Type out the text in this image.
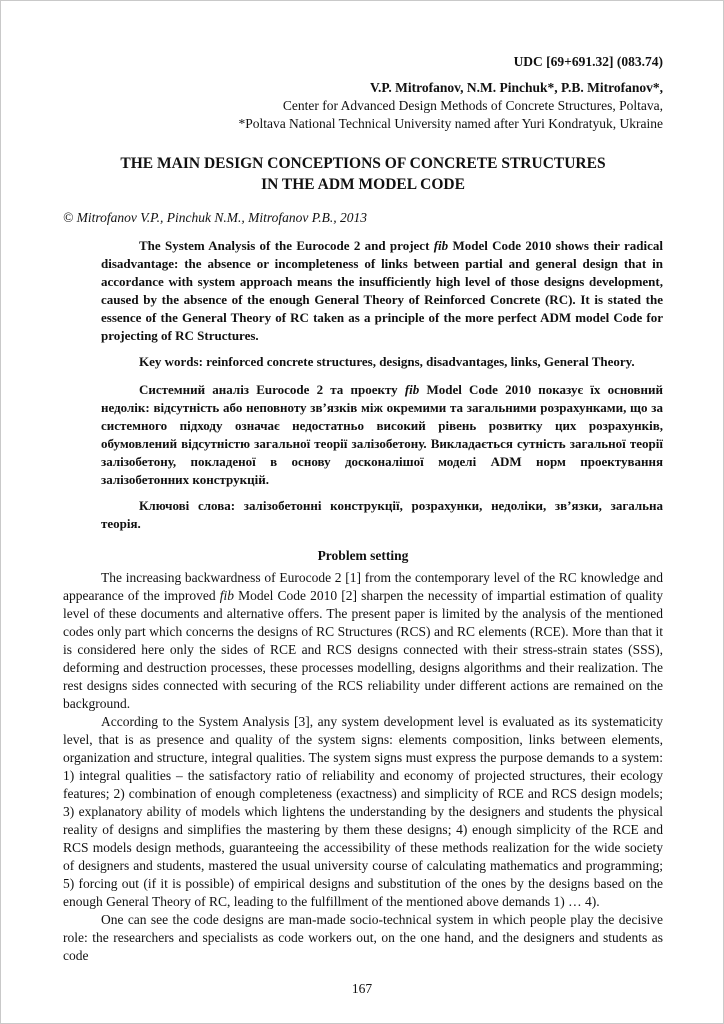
UDC [69+691.32] (083.74)
V.P. Mitrofanov, N.M. Pinchuk*, P.B. Mitrofanov*,
Center for Advanced Design Methods of Concrete Structures, Poltava,
*Poltava National Technical University named after Yuri Kondratyuk, Ukraine
THE MAIN DESIGN CONCEPTIONS OF CONCRETE STRUCTURES
IN THE ADM MODEL CODE
© Mitrofanov V.P., Pinchuk N.M., Mitrofanov P.B., 2013

The System Analysis of the Eurocode 2 and project fib Model Code 2010 shows their radical disadvantage: the absence or incompleteness of links between partial and general design that in accordance with system approach means the insufficiently high level of those designs development, caused by the absence of the enough General Theory of Reinforced Concrete (RC). It is stated the essence of the General Theory of RC taken as a principle of the more perfect ADM model Code for projecting of RC Structures.

Key words: reinforced concrete structures, designs, disadvantages, links, General Theory.

Системний аналіз Eurocode 2 та проекту fib Model Code 2010 показує їх основний недолік: відсутність або неповноту зв’язків між окремими та загальними розрахунками, що за системного підходу означає недостатньо високий рівень розвитку цих розрахунків, обумовлений відсутністю загальної теорії залізобетону. Викладається сутність загальної теорії залізобетону, покладеної в основу досконалішої моделі ADM норм проектування залізобетонних конструкцій.

Ключові слова: залізобетонні конструкції, розрахунки, недоліки, зв’язки, загальна теорія.

Problem setting

The increasing backwardness of Eurocode 2 [1] from the contemporary level of the RC knowledge and appearance of the improved fib Model Code 2010 [2] sharpen the necessity of impartial estimation of quality level of these documents and alternative offers. The present paper is limited by the analysis of the mentioned codes only part which concerns the designs of RC Structures (RCS) and RC elements (RCE). More than that it is considered here only the sides of RCE and RCS designs connected with their stress-strain states (SSS), deforming and destruction processes, these processes modelling, designs algorithms and their realization. The rest designs sides connected with securing of the RCS reliability under different actions are remained on the background.

According to the System Analysis [3], any system development level is evaluated as its systematicity level, that is as presence and quality of the system signs: elements composition, links between elements, organization and structure, integral qualities. The system signs must express the purpose demands to a system: 1) integral qualities – the satisfactory ratio of reliability and economy of projected structures, their ecology features; 2) combination of enough completeness (exactness) and simplicity of RCE and RCS design models; 3) explanatory ability of models which lightens the understanding by the designers and students the physical reality of designs and simplifies the mastering by them these designs; 4) enough simplicity of the RCE and RCS models design methods, guaranteeing the accessibility of these methods realization for the wide society of designers and students, mastered the usual university course of calculating mathematics and programming; 5) forcing out (if it is possible) of empirical designs and substitution of the ones by the designs based on the enough General Theory of RC, leading to the fulfillment of the mentioned above demands 1) … 4).

One can see the code designs are man-made socio-technical system in which people play the decisive role: the researchers and specialists as code workers out, on the one hand, and the designers and students as code

167
